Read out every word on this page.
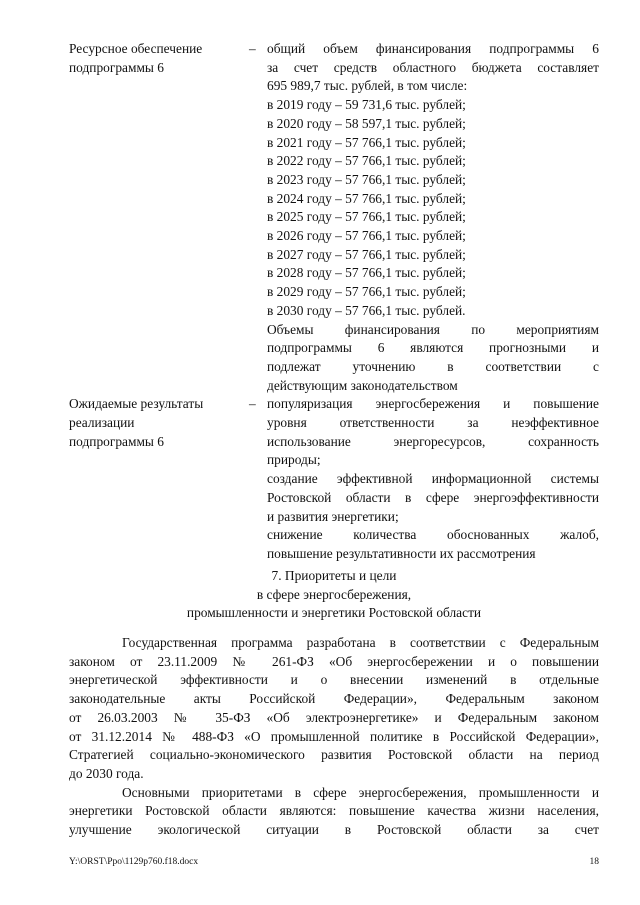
Ресурсное обеспечение
подпрограммы 6
– общий объем финансирования подпрограммы 6
за счет средств областного бюджета составляет
695 989,7 тыс. рублей, в том числе:
в 2019 году – 59 731,6 тыс. рублей;
в 2020 году – 58 597,1 тыс. рублей;
в 2021 году – 57 766,1 тыс. рублей;
в 2022 году – 57 766,1 тыс. рублей;
в 2023 году – 57 766,1 тыс. рублей;
в 2024 году – 57 766,1 тыс. рублей;
в 2025 году – 57 766,1 тыс. рублей;
в 2026 году – 57 766,1 тыс. рублей;
в 2027 году – 57 766,1 тыс. рублей;
в 2028 году – 57 766,1 тыс. рублей;
в 2029 году – 57 766,1 тыс. рублей;
в 2030 году – 57 766,1 тыс. рублей.
Объемы финансирования по мероприятиям
подпрограммы 6 являются прогнозными и
подлежат уточнению в соответствии с
действующим законодательством
Ожидаемые результаты
реализации
подпрограммы 6
– популяризация энергосбережения и повышение
уровня ответственности за неэффективное
использование энергоресурсов, сохранность
природы;
создание эффективной информационной системы
Ростовской области в сфере энергоэффективности
и развития энергетики;
снижение количества обоснованных жалоб,
повышение результативности их рассмотрения
7. Приоритеты и цели
в сфере энергосбережения,
промышленности и энергетики Ростовской области
Государственная программа разработана в соответствии с Федеральным
законом от 23.11.2009 № 261-ФЗ «Об энергосбережении и о повышении
энергетической эффективности и о внесении изменений в отдельные
законодательные акты Российской Федерации», Федеральным законом
от 26.03.2003 № 35-ФЗ «Об электроэнергетике» и Федеральным законом
от 31.12.2014 № 488-ФЗ «О промышленной политике в Российской Федерации»,
Стратегией социально-экономического развития Ростовской области на период
до 2030 года.
Основными приоритетами в сфере энергосбережения, промышленности и
энергетики Ростовской области являются: повышение качества жизни населения,
улучшение экологической ситуации в Ростовской области за счет
Y:\ORST\Ppo\1129p760.f18.docx	18
